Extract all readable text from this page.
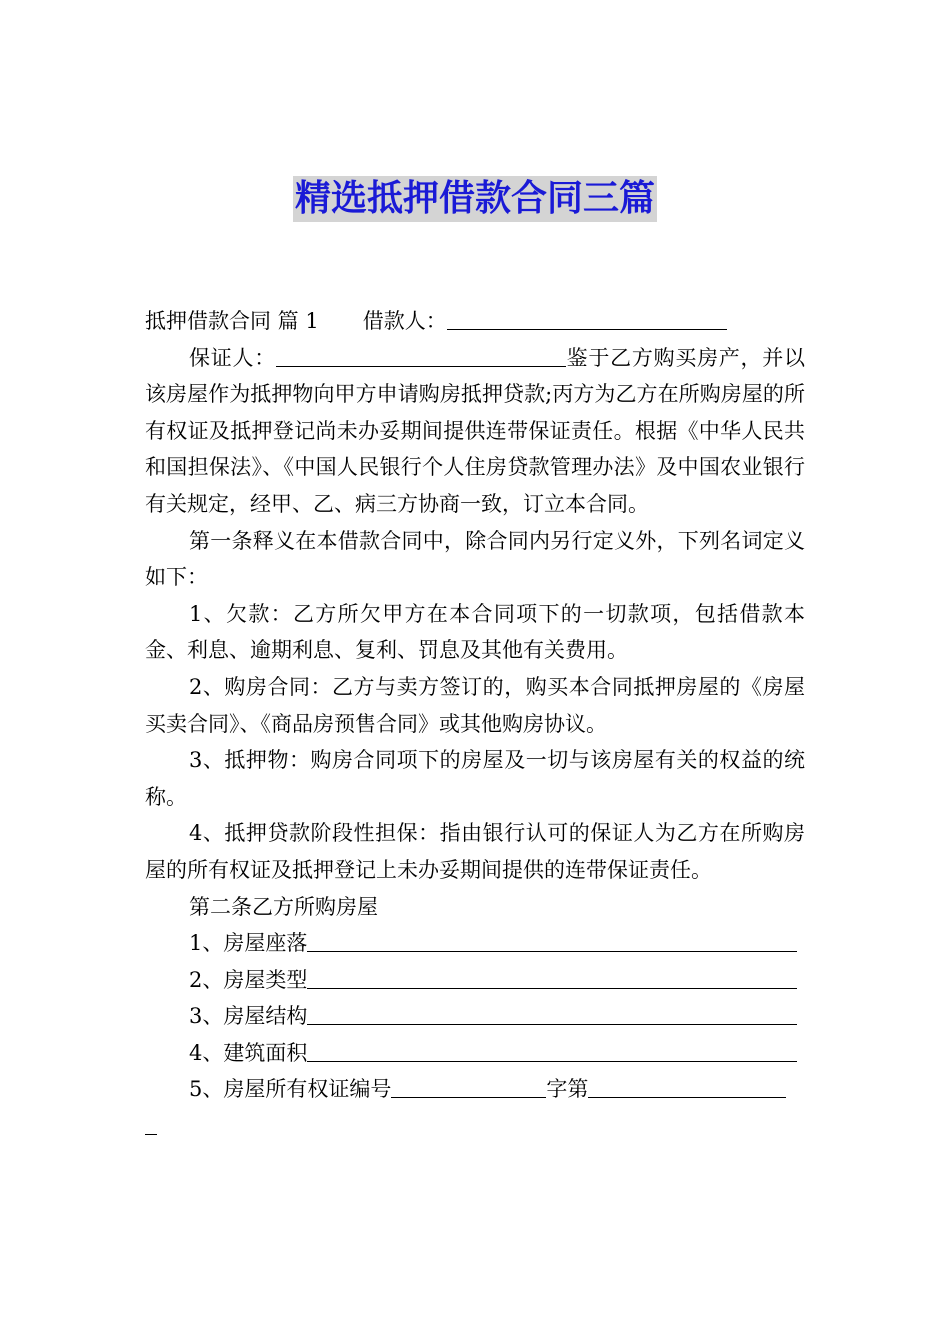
精选抵押借款合同三篇

抵押借款合同 篇 1 借款人：

保证人：	鉴于乙方购买房产，并以该房屋作为抵押物向甲方申请购房抵押贷款;丙方为乙方在所购房屋的所有权证及抵押登记尚未办妥期间提供连带保证责任。根据《中华人民共和国担保法》、《中国人民银行个人住房贷款管理办法》及中国农业银行有关规定，经甲、乙、病三方协商一致，订立本合同。

第一条释义在本借款合同中，除合同内另行定义外，下列名词定义如下：

1、欠款：乙方所欠甲方在本合同项下的一切款项，包括借款本金、利息、逾期利息、复利、罚息及其他有关费用。

2、购房合同：乙方与卖方签订的，购买本合同抵押房屋的《房屋买卖合同》、《商品房预售合同》或其他购房协议。

3、抵押物：购房合同项下的房屋及一切与该房屋有关的权益的统称。

4、抵押贷款阶段性担保：指由银行认可的保证人为乙方在所购房屋的所有权证及抵押登记上未办妥期间提供的连带保证责任。

第二条乙方所购房屋

1、房屋座落

2、房屋类型

3、房屋结构

4、建筑面积

5、房屋所有权证编号	字第
